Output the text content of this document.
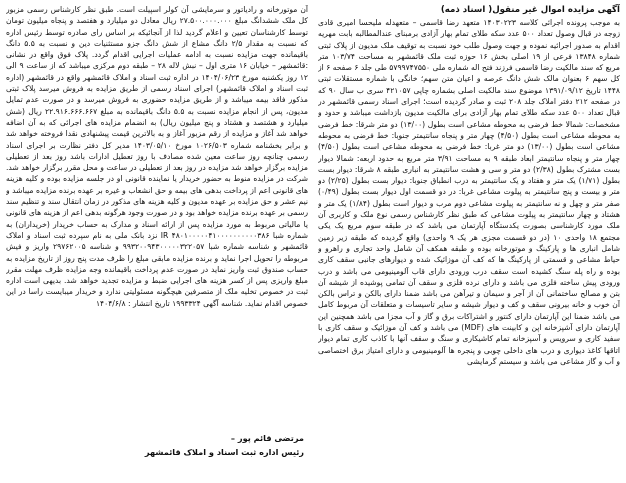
آگهی مزایده اموال غیر منقول( اسناد ذمه)

به موجب پرونده اجرائی کلاسه ۱۴۰۳۰۲۲۳ متعهد رضا قاسمی – متعهدله ملیحسا امیری قادی زوجه در قبال وصول تعداد ۵۰۰ عدد سکه طلای تمام بهار آزادی برمبنای عندالمطالبه بابت مهریه اقدام به صدور اجرائیه نموده و جهت وصول طلب خود نسبت به توقیف ملک مدیون از پلاک ثبتی شماره ۱۳۸۴۸ فرعی از ۱۹ اصلی بخش ۱۶ حوزه ثبت ملک قائمشهر به مساحت ۱۰۳/۷۴ متر مربع که سند مالکیت رضا قاسمی فرزند فتح اله شماره ملی ۵۷۹۹۷۴۷۵۵۰ طی جلد ۶ صفحه ۶ از کل سهم ۶ بعنوان مالک شش دانگ عرصه و اعیان متن سهم؛ خانگی با شماره مستقلات ثبتی ۱۴۴۸ تاریخ ۱۳۹۱/۰۹/۱۲ موضوع سند مالکیت اصلی بشماره چاپی ۴۲۱۰۵۷ سری ب سال ۹۰ که در صفحه ۲۱۲ دفتر املاک جلد ۲۰۸ ثبت و صادر گردیده است؛ اجرای اسناد رسمی قائمشهر در قبال تعداد ۵۰۰ عدد سکه طلای تمام بهار آزادی برای مالکیت مدیون بازداشت میباشد و حدود و مشخصات: شمالا خط فرضی به محوطه مشاعی است بطول (۱۳/۰۰) دو متر شرقا: خط فرضی به محوطه مشاعی است بطول (۴/۵۰) چهار متر و پنجاه سانتیمتر جنوبا: خط فرضی به محوطه مشاعی است بطول (۱۳/۰۰) دو متر غربا: خط فرضی به محوطه مشاعی است بطول (۴/۵۰) چهار متر و پنجاه سانتیمتر ابعاد طبقه ۹ به مساحت ۳/۹۱ متر مربع به حدود اربعه: شمالا دیوار بست مشترک بطول (۲/۳۸) دو متر و سی و هشت سانتیمتر به انباری طبقه ۸ شرقا: دیوار بست بطول (۱/۷۱) یک متر و هفتاد و یک سانتیمتر به درب انطباق جنوبا: دیوار بست بطول (۲/۲۵) دو متر و بیست و پنج سانتیمتر به پیلوت مشاعی غربا: در دو قسمت اول دیوار بست بطول (۰/۴۹) صفر متر و چهل و نه سانتیمتر به پیلوت مشاعی دوم مرب و دیوار است بطول (۱/۸۴) یک متر و هشتاد و چهار سانتیمتر به پیلوت مشاعی که طبق نظر کارشناس رسمی نوع ملک و کاربری آن ملک مورد کارشناسی بصورت یکدستگاه آپارتمان می باشد که در طبقه سوم مربع یک یکی مجتمع ۱۸ واحدی ۱۰ (در دو قسمت مجزی هر یک ۹ واحدی) واقع گردیده که طبقه زیر زمین شامل انباری ها و پارکینگ و موتورخانه بوده و طبقه همکف آن شامل واحد تجاری و راهرو و حیاط مشاعی و قسمتی از پارکینگ ها که کف آن موزائیک شده و دیوارهای جانبی سقف کاری بوده و راه پله سنگ کشیده است سقف درب ورودی دارای قاب آلومینیومی می باشد و درب ورودی پیش ساخته فلزی می باشد و دارای نرده فلزی و سقف آن تمامی پوشیده از شیشه آن بتن و مصالح ساختمانی آن از آجر و سیمان و تیرآهن می باشد ضمنا دارای بالکن و تراس بالکن آن خوب و خانه بیرونی سقف و کف و دیوار شیشه و سایر تاسیسات و متعلقات آن مربوط کامل می باشد ضمنا این آپارتمان دارای کنتور و اشتراکات برق و گاز و آب مجزا می باشد همچنین این آپارتمان دارای آشپزخانه اپن و کابینت های (MDF) می باشد و کف آن موزائیک و سقف کاری با سفید کاری و سرویس و آسپزخانه تمام کاشیکاری و سنگ و سقف آنها با کاذب کاری تمام دیوار اتاقها کاغذ دیواری و درب های داخلی چوبی و پنجره ها آلومینیومی و دارای امتیاز برق اختصاصی و آب و گاز مشاعی می باشد و سیستم گرمایشی

آن موتورخانه و رادیاتور و سرمایشی آن کولر اسپیلت است. طبق نظر کارشناس رسمی مزبور کل ملک ششدانگ مبلغ ۲۷.۵۰۰.۰۰۰.۰۰۰ ریال معادل دو میلیارد و هفتصد و پنجاه میلیون تومان توسط کارشناسان تعیین و اعلام گردید لذا از آنجائیکه بر اساس رای صادره توسط رئیس اداره که نسبت به مقدار ۲/۵ دانگ مشاع از شش دانگ جزو مستثنیات دین و نسبت به ۵.۵ دانگ باقیمانده جهت مزایده نسبت به ادامه عملیات اجرایی اقدام گردد. پلاک فوق واقع در نشانی :قائمشهر – خیابان ۱۶ متری اول – نبش لاله ۲۸ – طبقه دوم مرکزی میباشد که از ساعت ۹ الی ۱۲ روز یکشنبه مورخ ۱۴۰۴/۰۶/۲۳ در اداره ثبت اسناد و املاک قائمشهر واقع در قائمشهر (اداره ثبت اسناد و املاک قائمشهر) اجرای اسناد رسمی از طریق مزایده به فروش میرسد پلاک ثبتی مذکور فاقد بیمه میباشد و از طریق مزایده حضوری به فروش میرسد و در صورت عدم تمایل مدیون، پس از انجام مزایده نسبت به ۵.۵ دانگ باقیمانده به مبلغ ۲۲.۹۱۶.۶۶۶.۶۶۷ ریال (شش میلیارد و هشتصد و هشتاد و پنج میلیون ریال) به انضمام مزایده های اجرائی که به آن اضافه خواهد شد آغاز و مزایده از رقم مزبور آغاز و به بالاترین قیمت پیشنهادی نقدا فروخته خواهد شد و برابر بخشنامه شماره ۱۰۲۶/۵۰۳ مورخ ۱۴۰۳/۰۵/۱۰ مدیر کل دفتر نظارت بر اجرای اسناد رسمی چنانچه روز ساعت معین شده مصادف با روز تعطیل ادارات باشد روز بعد از تعطیلی مزایده برگزار خواهد شد مزایده در روز بعد از تعطیلی در ساعت و محل مقرر برگزار خواهد شد. شرکت در مزایده منوط به حضور خریدار یا نماینده قانونی او در جلسه مزایده بوده و کلیه هزینه های قانونی اعم از پرداخت بدهی های بیمه و حق انشعاب و غیره بر عهده برنده مزایده میباشد و نیم عشر و حق مزایده بر عهده مدیون و کلیه هزینه های مذکور در زمان انتقال سند و تنظیم سند رسمی بر عهده برنده مزایده خواهد بود و در صورت وجود هرگونه بدهی اعم از هزینه های قانونی یا مالیاتی مربوط به مورد مزایده پس از ارائه اسناد و مدارک به حساب خریدار (خریداران) به شماره شبا IR ۴۸۰۱۰۰۰۰۰۴۱۰۰۰۰۰۰۰۰۰۰۳۸۶ نزد بانک ملی به نام سپرده ثبت اسناد و املاک قائمشهر و شناسه شماره شبا ۹۹۳۲۰۰۹۴۳۰۰۰۰۰۳۲۲۰۵۷ و شناسه ۲۹۷۶۲۰۰۵ واریز و فیش مربوطه را تحویل اجرا نماید و برنده مزایده مابقی مبلغ را ظرف مدت پنج روز از تاریخ مزایده به حساب صندوق ثبت واریز نماید در صورت عدم پرداخت باقیمانده وجه مزایده ظرف مهلت مقرر مبلغ واریزی پس از کسر هزینه های اجرایی ضبط و مزایده تجدید خواهد شد. بدیهی است اداره ثبت در خصوص تخلیه ملک از متصرفین هیچگونه مسئولیتی ندارد و خریدار میبایست راسا در این خصوص اقدام نماید. شناسه آگهی ۱۹۹۳۳۲۴ تاریخ انتشار : ۱۴۰۴/۶/۸

مرتضی قائم پور –
رئیس اداره ثبت اسناد و املاک قائمشهر
